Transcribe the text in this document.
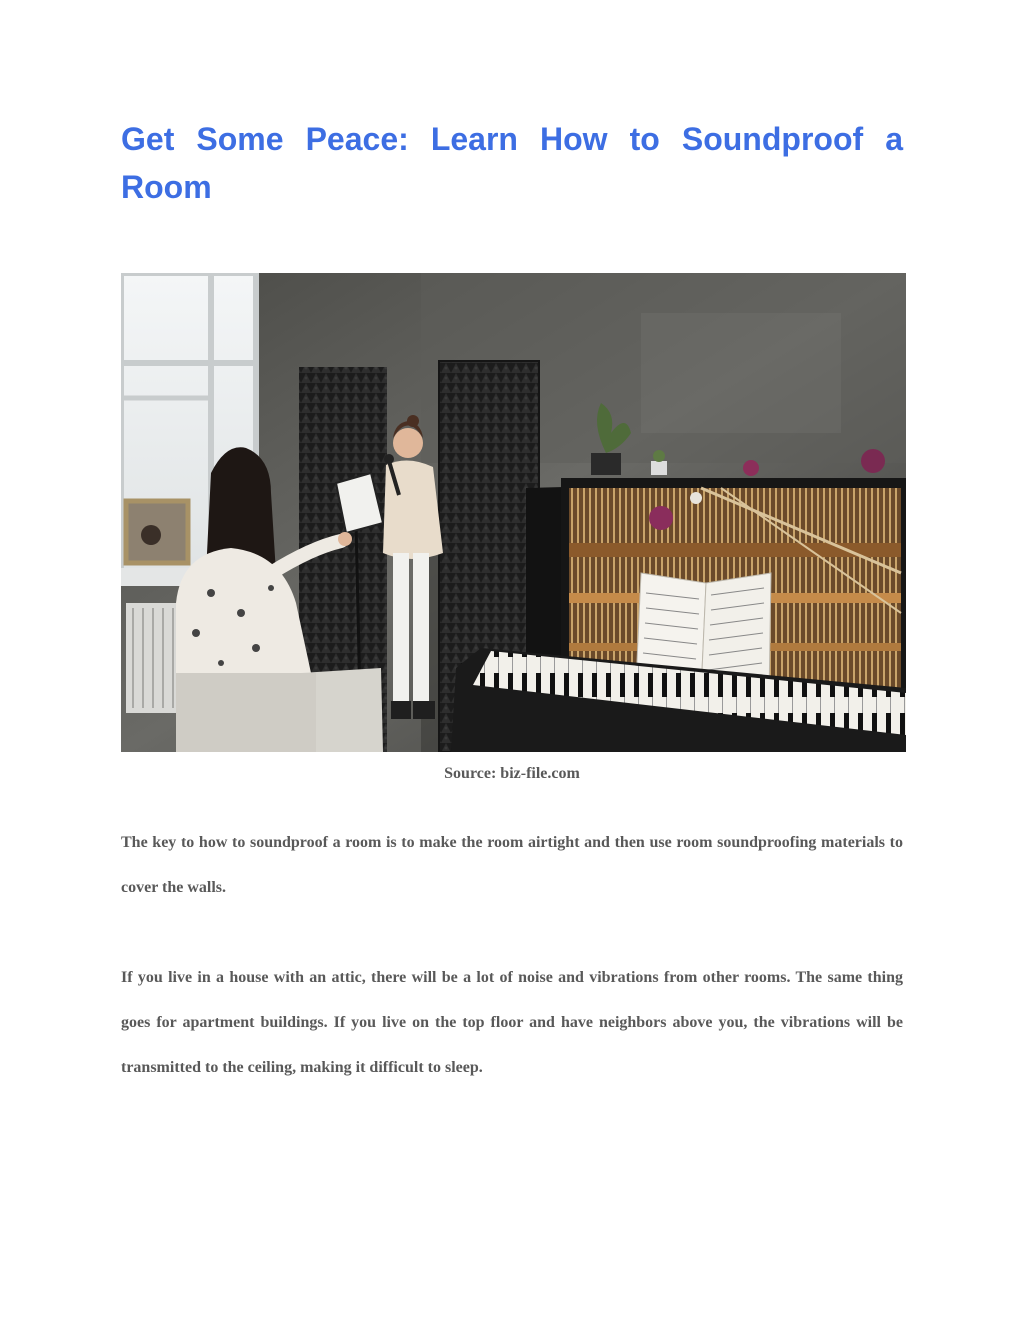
Get Some Peace: Learn How to Soundproof a Room

Source: biz-file.com

The key to how to soundproof a room is to make the room airtight and then use room soundproofing materials to cover the walls.

If you live in a house with an attic, there will be a lot of noise and vibrations from other rooms. The same thing goes for apartment buildings. If you live on the top floor and have neighbors above you, the vibrations will be transmitted to the ceiling, making it difficult to sleep.
